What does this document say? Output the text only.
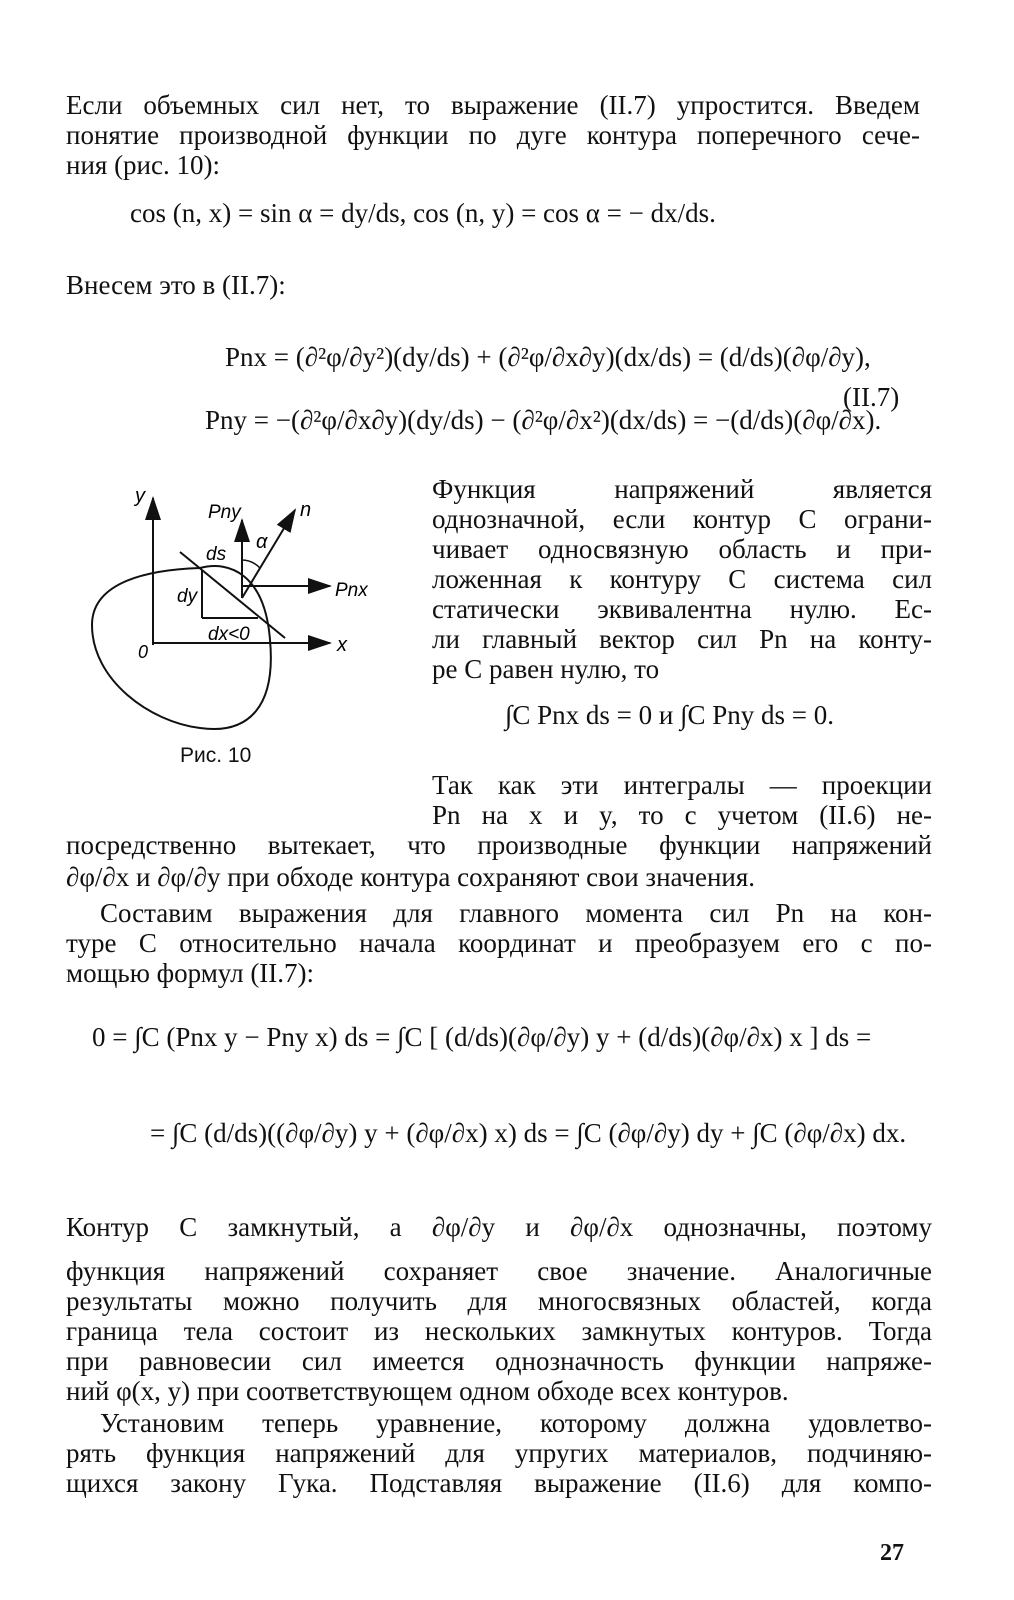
Если объемных сил нет, то выражение (II.7) упростится. Введем
понятие производной функции по дуге контура поперечного сече-
ния (рис. 10):
cos (n, x) = sin α = dy/ds, cos (n, y) = cos α = − dx/ds.
Внесем это в (II.7):
Pnx = (∂²φ/∂y²)(dy/ds) + (∂²φ/∂x∂y)(dx/ds) = (d/ds)(∂φ/∂y),
Pny = −(∂²φ/∂x∂y)(dy/ds) − (∂²φ/∂x²)(dx/ds) = −(d/ds)(∂φ/∂x).
(II.7)
y
x
0
Pny	n
α
ds
dy
dx<0
Pnx
Рис. 10
Функция напряжений является
однозначной, если контур C ограни-
чивает односвязную область и при-
ложенная к контуру C система сил
статически эквивалентна нулю. Ес-
ли главный вектор сил Pn на конту-
ре C равен нулю, то
∫C Pnx ds = 0 и ∫C Pny ds = 0.
Так как эти интегралы — проекции
Pn на x и y, то с учетом (II.6) не-
посредственно вытекает, что производные функции напряжений
∂φ/∂x и ∂φ/∂y при обходе контура сохраняют свои значения.
Составим выражения для главного момента сил Pn на кон-
туре C относительно начала координат и преобразуем его с по-
мощью формул (II.7):
0 = ∫C (Pnx y − Pny x) ds = ∫C [ (d/ds)(∂φ/∂y) y + (d/ds)(∂φ/∂x) x ] ds =
= ∫C (d/ds)((∂φ/∂y) y + (∂φ/∂x) x) ds = ∫C (∂φ/∂y) dy + ∫C (∂φ/∂x) dx.
Контур C замкнутый, а ∂φ/∂y и ∂φ/∂x однозначны, поэтому
функция напряжений сохраняет свое значение. Аналогичные
результаты можно получить для многосвязных областей, когда
граница тела состоит из нескольких замкнутых контуров. Тогда
при равновесии сил имеется однозначность функции напряже-
ний φ(x, y) при соответствующем одном обходе всех контуров.
Установим теперь уравнение, которому должна удовлетво-
рять функция напряжений для упругих материалов, подчиняю-
щихся закону Гука. Подставляя выражение (II.6) для компо-
27
